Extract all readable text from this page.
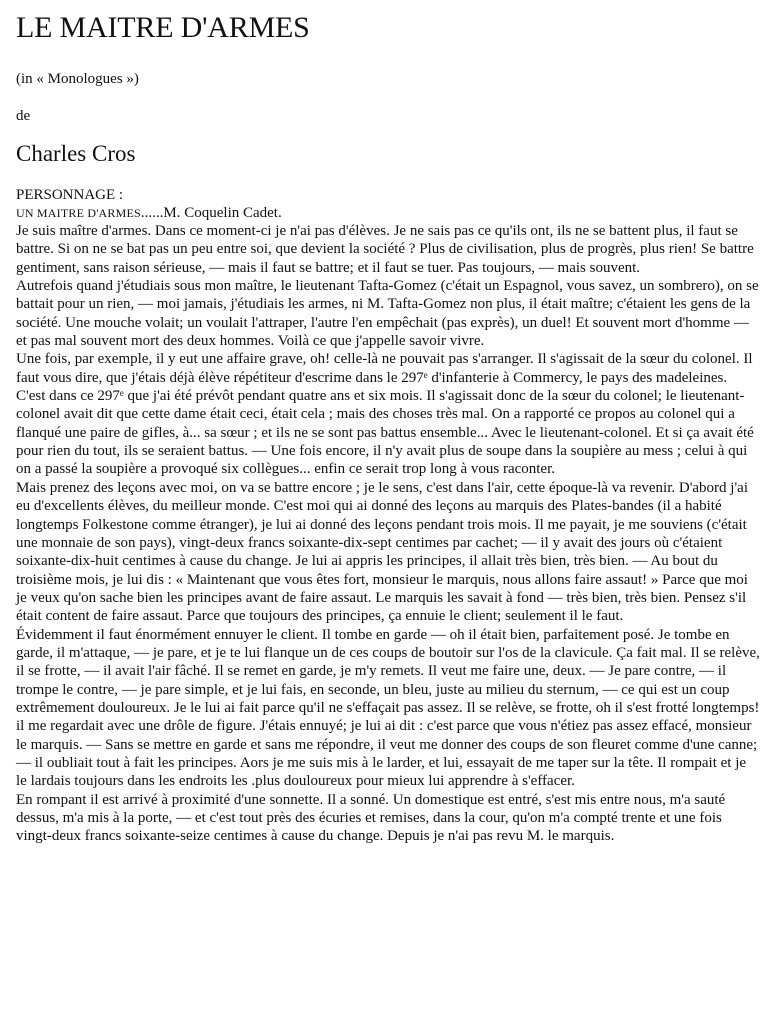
LE MAITRE D'ARMES
(in « Monologues »)
de
Charles Cros
PERSONNAGE :
UN MAITRE D'ARMES......M. Coquelin Cadet.

Je suis maître d'armes. Dans ce moment-ci je n'ai pas d'élèves. Je ne sais pas ce qu'ils ont, ils ne se battent plus, il faut se battre. Si on ne se bat pas un peu entre soi, que devient la société ? Plus de civilisation, plus de progrès, plus rien! Se battre gentiment, sans raison sérieuse, — mais il faut se battre; et il faut se tuer. Pas toujours, — mais souvent.

Autrefois quand j'étudiais sous mon maître, le lieutenant Tafta-Gomez (c'était un Espagnol, vous savez, un sombrero), on se battait pour un rien, — moi jamais, j'étudiais les armes, ni M. Tafta-Gomez non plus, il était maître; c'étaient les gens de la société. Une mouche volait; un voulait l'attraper, l'autre l'en empêchait (pas exprès), un duel! Et souvent mort d'homme — et pas mal souvent mort des deux hommes. Voilà ce que j'appelle savoir vivre.

Une fois, par exemple, il y eut une affaire grave, oh! celle-là ne pouvait pas s'arranger. Il s'agissait de la sœur du colonel. Il faut vous dire, que j'étais déjà élève répétiteur d'escrime dans le 297ᵉ d'infanterie à Commercy, le pays des madeleines. C'est dans ce 297ᵉ que j'ai été prévôt pendant quatre ans et six mois. Il s'agissait donc de la sœur du colonel; le lieutenant-colonel avait dit que cette dame était ceci, était cela ; mais des choses très mal. On a rapporté ce propos au colonel qui a flanqué une paire de gifles, à... sa sœur ; et ils ne se sont pas battus ensemble... Avec le lieutenant-colonel. Et si ça avait été pour rien du tout, ils se seraient battus. — Une fois encore, il n'y avait plus de soupe dans la soupière au mess ; celui à qui on a passé la soupière a provoqué six collègues... enfin ce serait trop long à vous raconter.

Mais prenez des leçons avec moi, on va se battre encore ; je le sens, c'est dans l'air, cette époque-là va revenir. D'abord j'ai eu d'excellents élèves, du meilleur monde. C'est moi qui ai donné des leçons au marquis des Plates-bandes (il a habité longtemps Folkestone comme étranger), je lui ai donné des leçons pendant trois mois. Il me payait, je me souviens (c'était une monnaie de son pays), vingt-deux francs soixante-dix-sept centimes par cachet; — il y avait des jours où c'étaient soixante-dix-huit centimes à cause du change. Je lui ai appris les principes, il allait très bien, très bien. — Au bout du troisième mois, je lui dis : « Maintenant que vous êtes fort, monsieur le marquis, nous allons faire assaut! » Parce que moi je veux qu'on sache bien les principes avant de faire assaut. Le marquis les savait à fond — très bien, très bien. Pensez s'il était content de faire assaut. Parce que toujours des principes, ça ennuie le client; seulement il le faut.

Évidemment il faut énormément ennuyer le client. Il tombe en garde — oh il était bien, parfaitement posé. Je tombe en garde, il m'attaque, — je pare, et je te lui flanque un de ces coups de boutoir sur l'os de la clavicule. Ça fait mal. Il se relève, il se frotte, — il avait l'air fâché. Il se remet en garde, je m'y remets. Il veut me faire une, deux. — Je pare contre, — il trompe le contre, — je pare simple, et je lui fais, en seconde, un bleu, juste au milieu du sternum, — ce qui est un coup extrêmement douloureux. Je le lui ai fait parce qu'il ne s'effaçait pas assez. Il se relève, se frotte, oh il s'est frotté longtemps! il me regardait avec une drôle de figure. J'étais ennuyé; je lui ai dit : c'est parce que vous n'étiez pas assez effacé, monsieur le marquis. — Sans se mettre en garde et sans me répondre, il veut me donner des coups de son fleuret comme d'une canne; — il oubliait tout à fait les principes. Aors je me suis mis à le larder, et lui, essayait de me taper sur la tête. Il rompait et je le lardais toujours dans les endroits les .plus douloureux pour mieux lui apprendre à s'effacer.

En rompant il est arrivé à proximité d'une sonnette. Il a sonné. Un domestique est entré, s'est mis entre nous, m'a sauté dessus, m'a mis à la porte, — et c'est tout près des écuries et remises, dans la cour, qu'on m'a compté trente et une fois vingt-deux francs soixante-seize centimes à cause du change. Depuis je n'ai pas revu M. le marquis.
